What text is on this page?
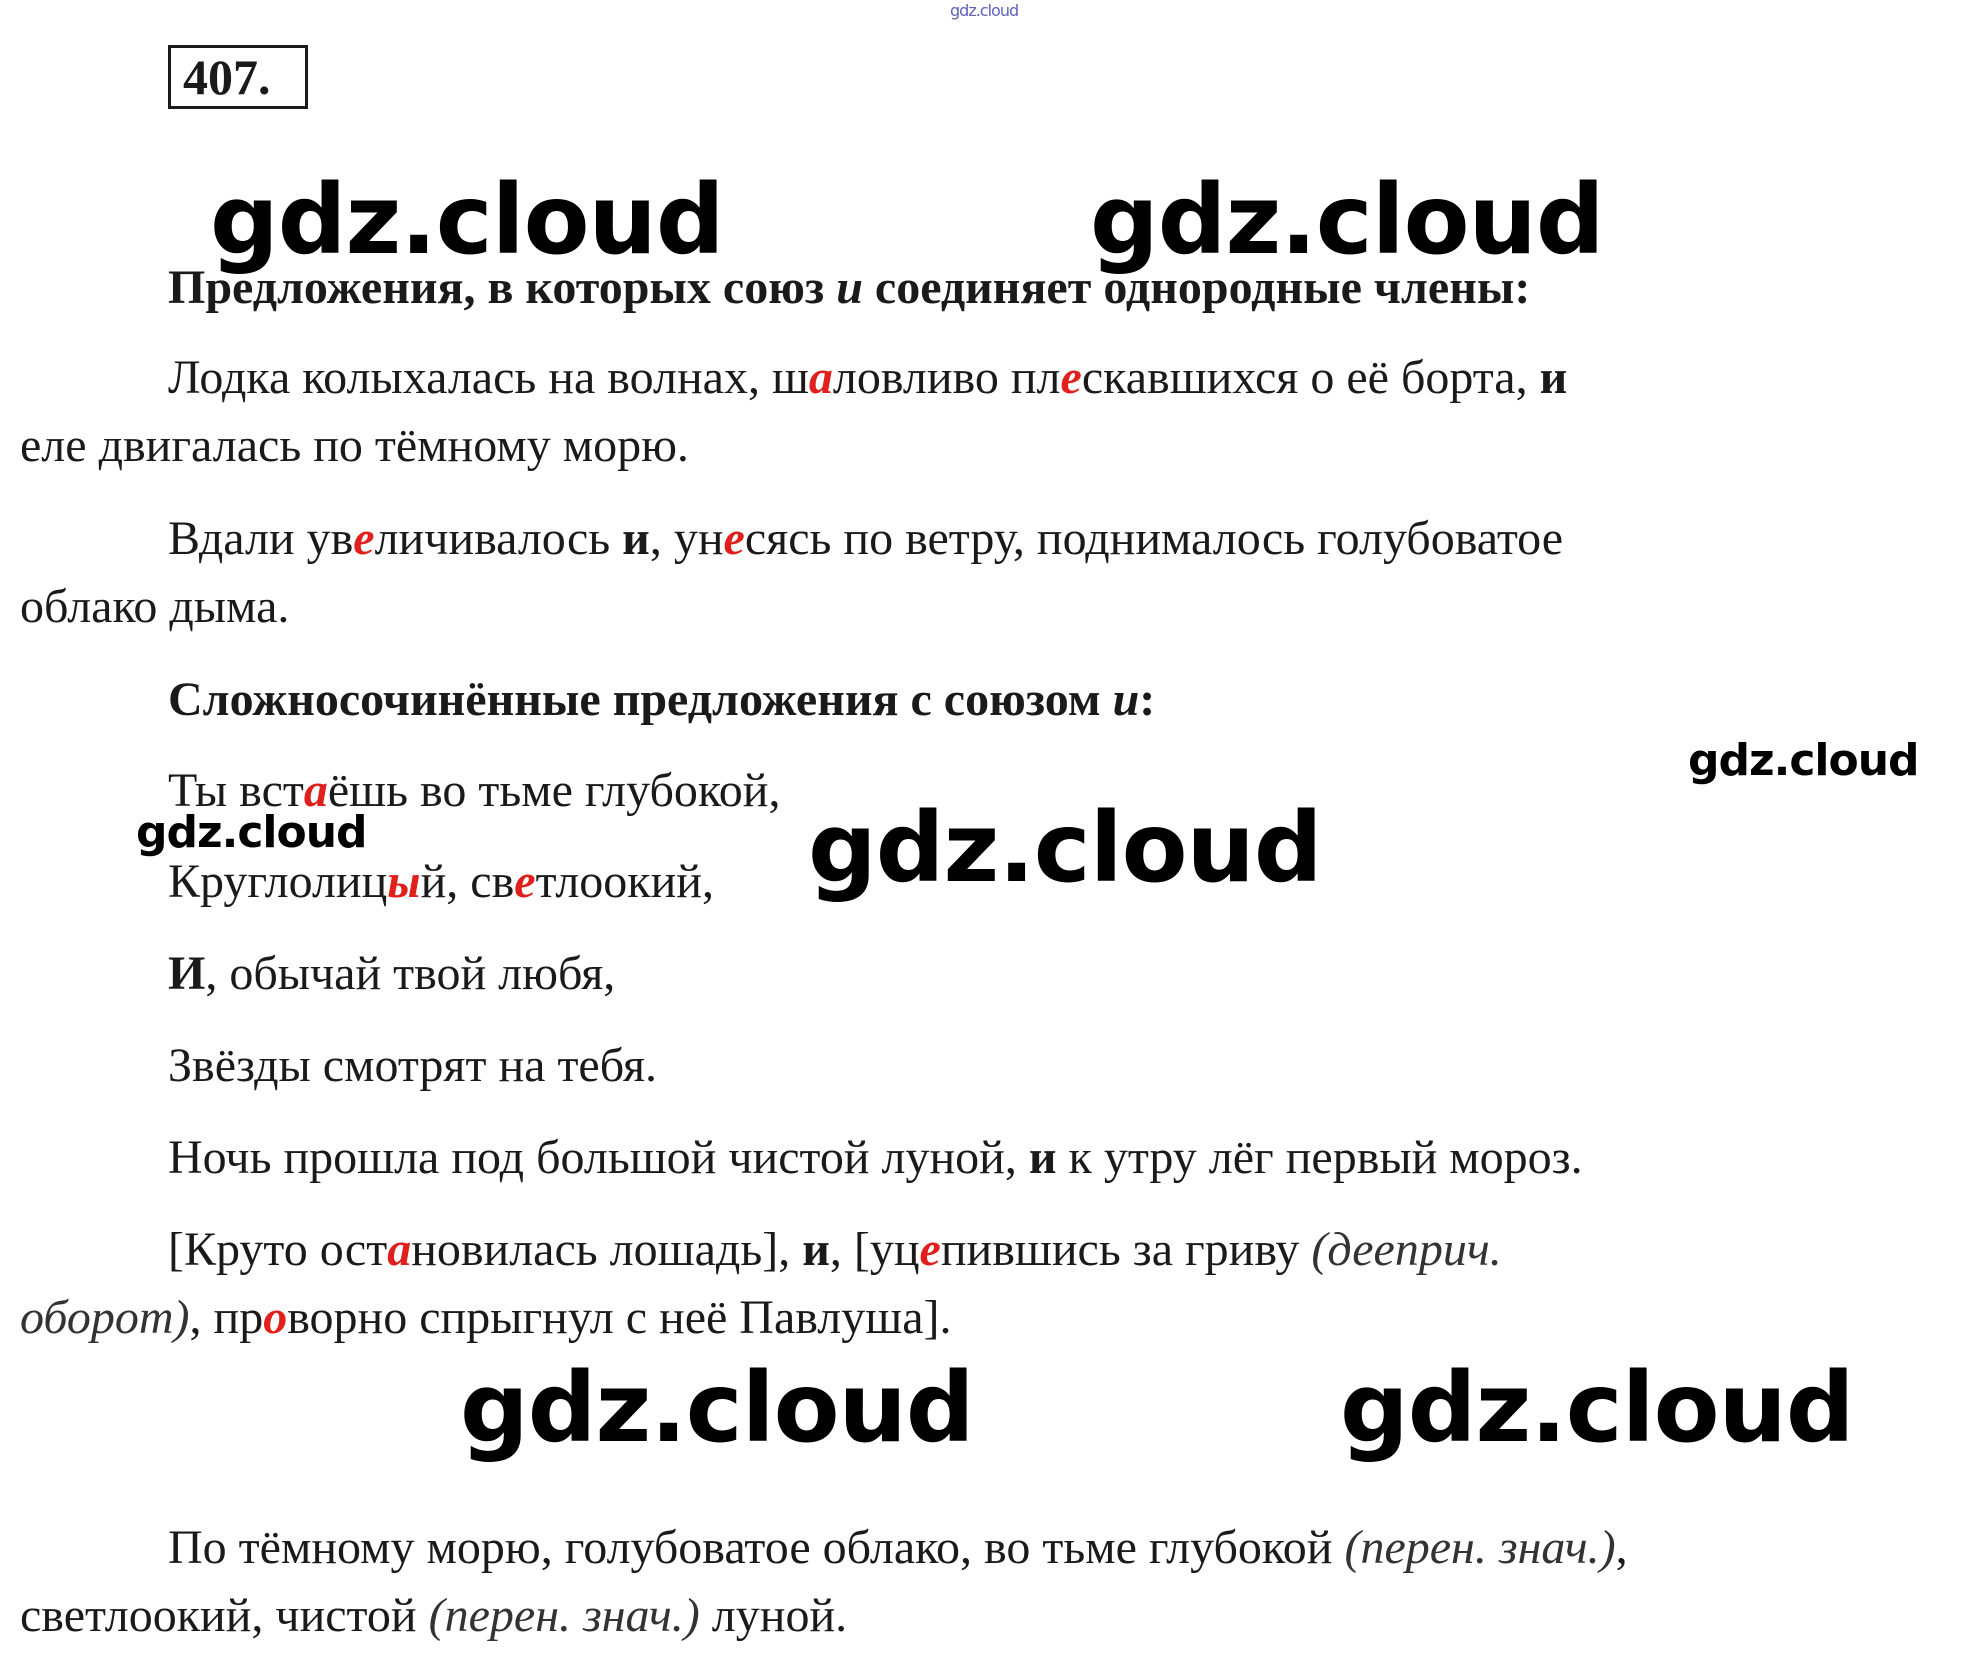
gdz.cloud
407.
Предложения, в которых союз и соединяет однородные члены:
Лодка колыхалась на волнах, шаловливо плескавшихся о её борта, и
еле двигалась по тёмному морю.
Вдали увеличивалось и, унесясь по ветру, поднималось голубоватое
облако дыма.
Сложносочинённые предложения с союзом и:
Ты встаёшь во тьме глубокой,
Круглолицый, светлоокий,
И, обычай твой любя,
Звёзды смотрят на тебя.
Ночь прошла под большой чистой луной, и к утру лёг первый мороз.
[Круто остановилась лошадь], и, [уцепившись за гриву (дееприч.
оборот), проворно спрыгнул с неё Павлуша].
По тёмному морю, голубоватое облако, во тьме глубокой (перен. знач.),
светлоокий, чистой (перен. знач.) луной.
gdz.cloud	gdz.cloud
gdz.cloud
gdz.cloud	gdz.cloud
gdz.cloud	gdz.cloud
